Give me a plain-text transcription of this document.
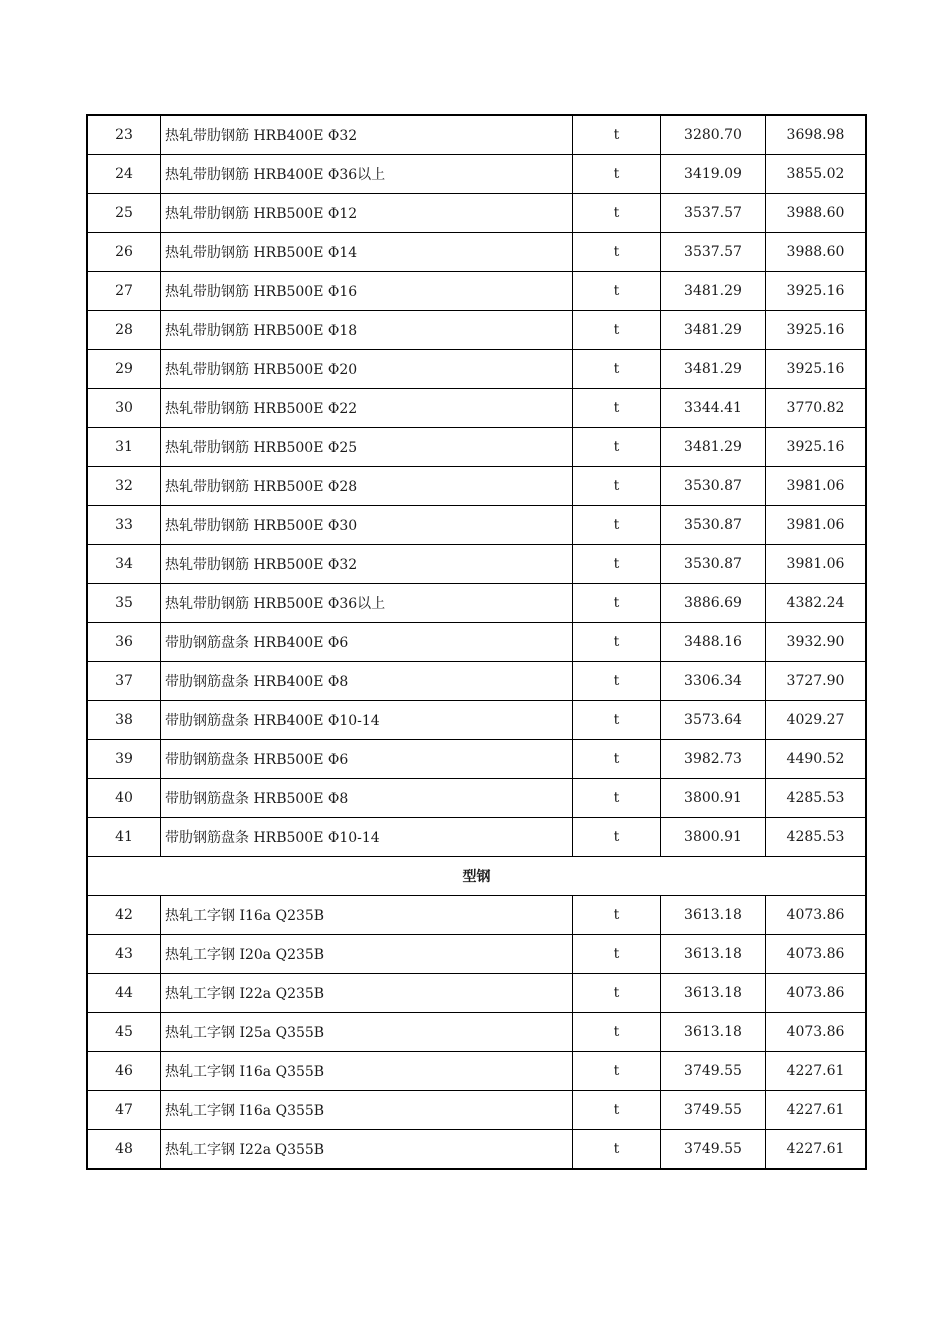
23	热轧带肋钢筋 HRB400E Φ32	t	3280.70	3698.98
24	热轧带肋钢筋 HRB400E Φ36以上	t	3419.09	3855.02
25	热轧带肋钢筋 HRB500E Φ12	t	3537.57	3988.60
26	热轧带肋钢筋 HRB500E Φ14	t	3537.57	3988.60
27	热轧带肋钢筋 HRB500E Φ16	t	3481.29	3925.16
28	热轧带肋钢筋 HRB500E Φ18	t	3481.29	3925.16
29	热轧带肋钢筋 HRB500E Φ20	t	3481.29	3925.16
30	热轧带肋钢筋 HRB500E Φ22	t	3344.41	3770.82
31	热轧带肋钢筋 HRB500E Φ25	t	3481.29	3925.16
32	热轧带肋钢筋 HRB500E Φ28	t	3530.87	3981.06
33	热轧带肋钢筋 HRB500E Φ30	t	3530.87	3981.06
34	热轧带肋钢筋 HRB500E Φ32	t	3530.87	3981.06
35	热轧带肋钢筋 HRB500E Φ36以上	t	3886.69	4382.24
36	带肋钢筋盘条 HRB400E Φ6	t	3488.16	3932.90
37	带肋钢筋盘条 HRB400E Φ8	t	3306.34	3727.90
38	带肋钢筋盘条 HRB400E Φ10-14	t	3573.64	4029.27
39	带肋钢筋盘条 HRB500E Φ6	t	3982.73	4490.52
40	带肋钢筋盘条 HRB500E Φ8	t	3800.91	4285.53
41	带肋钢筋盘条 HRB500E Φ10-14	t	3800.91	4285.53
型钢				
42	热轧工字钢 I16a Q235B	t	3613.18	4073.86
43	热轧工字钢 I20a Q235B	t	3613.18	4073.86
44	热轧工字钢 I22a Q235B	t	3613.18	4073.86
45	热轧工字钢 I25a Q355B	t	3613.18	4073.86
46	热轧工字钢 I16a Q355B	t	3749.55	4227.61
47	热轧工字钢 I16a Q355B	t	3749.55	4227.61
48	热轧工字钢 I22a Q355B	t	3749.55	4227.61
